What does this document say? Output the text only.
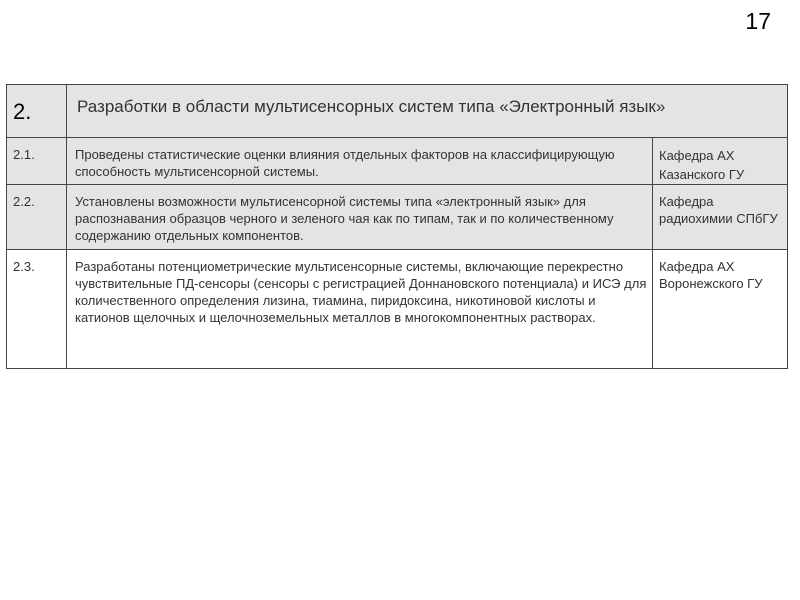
17
2.	Разработки в области мультисенсорных систем типа «Электронный язык»	

2.1.	Проведены статистические оценки влияния отдельных факторов на классифицирующую способность мультисенсорной системы.	Кафедра АХ Казанского ГУ

2.2.	Установлены возможности мультисенсорной системы типа «электронный язык» для распознавания образцов черного и зеленого чая как по типам, так и по количественному содержанию отдельных компонентов.	Кафедра радиохимии СПбГУ

2.3.	Разработаны потенциометрические мультисенсорные системы, включающие перекрестно чувствительные ПД-сенсоры (сенсоры с регистрацией Доннановского потенциала) и ИСЭ для количественного определения лизина, тиамина, пиридоксина, никотиновой кислоты и катионов щелочных и щелочноземельных металлов в многокомпонентных растворах.	Кафедра АХ Воронежского ГУ
